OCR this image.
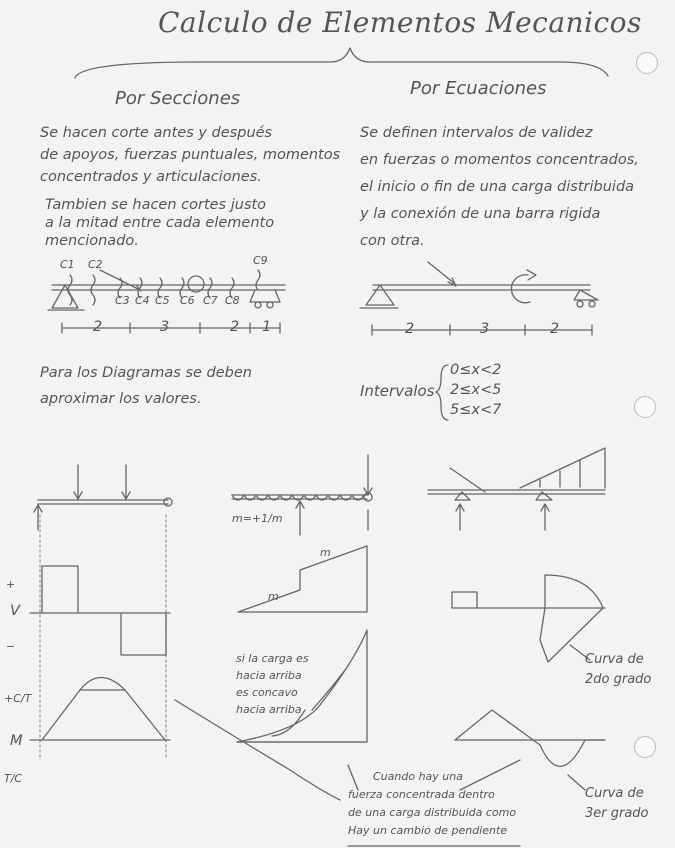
Calculo de Elementos Mecanicos
Por Secciones	Por Ecuaciones
Se hacen corte antes y después
de apoyos, fuerzas puntuales, momentos
concentrados y articulaciones.
Tambien se hacen cortes justo
a la mitad entre cada elemento
mencionado.
Se definen intervalos de validez
en fuerzas o momentos concentrados,
el inicio o fin de una carga distribuida
y la conexión de una barra rigida
con otra.
C1 C2
C3 C4 C5 C6 C7 C8
C9
2	3	2 1	2	3	2
Para los Diagramas se deben
aproximar los valores.	Intervalos
0≤x<2
2≤x<5
5≤x<7
+
V
−
+C/T
M
T/C
m=+1/m
m
m
si la carga es
hacia arriba
es concavo
hacia arriba
Cuando hay una
fuerza concentrada dentro
de una carga distribuida como
Hay un cambio de pendiente
Curva de
2do grado
Curva de
3er grado
